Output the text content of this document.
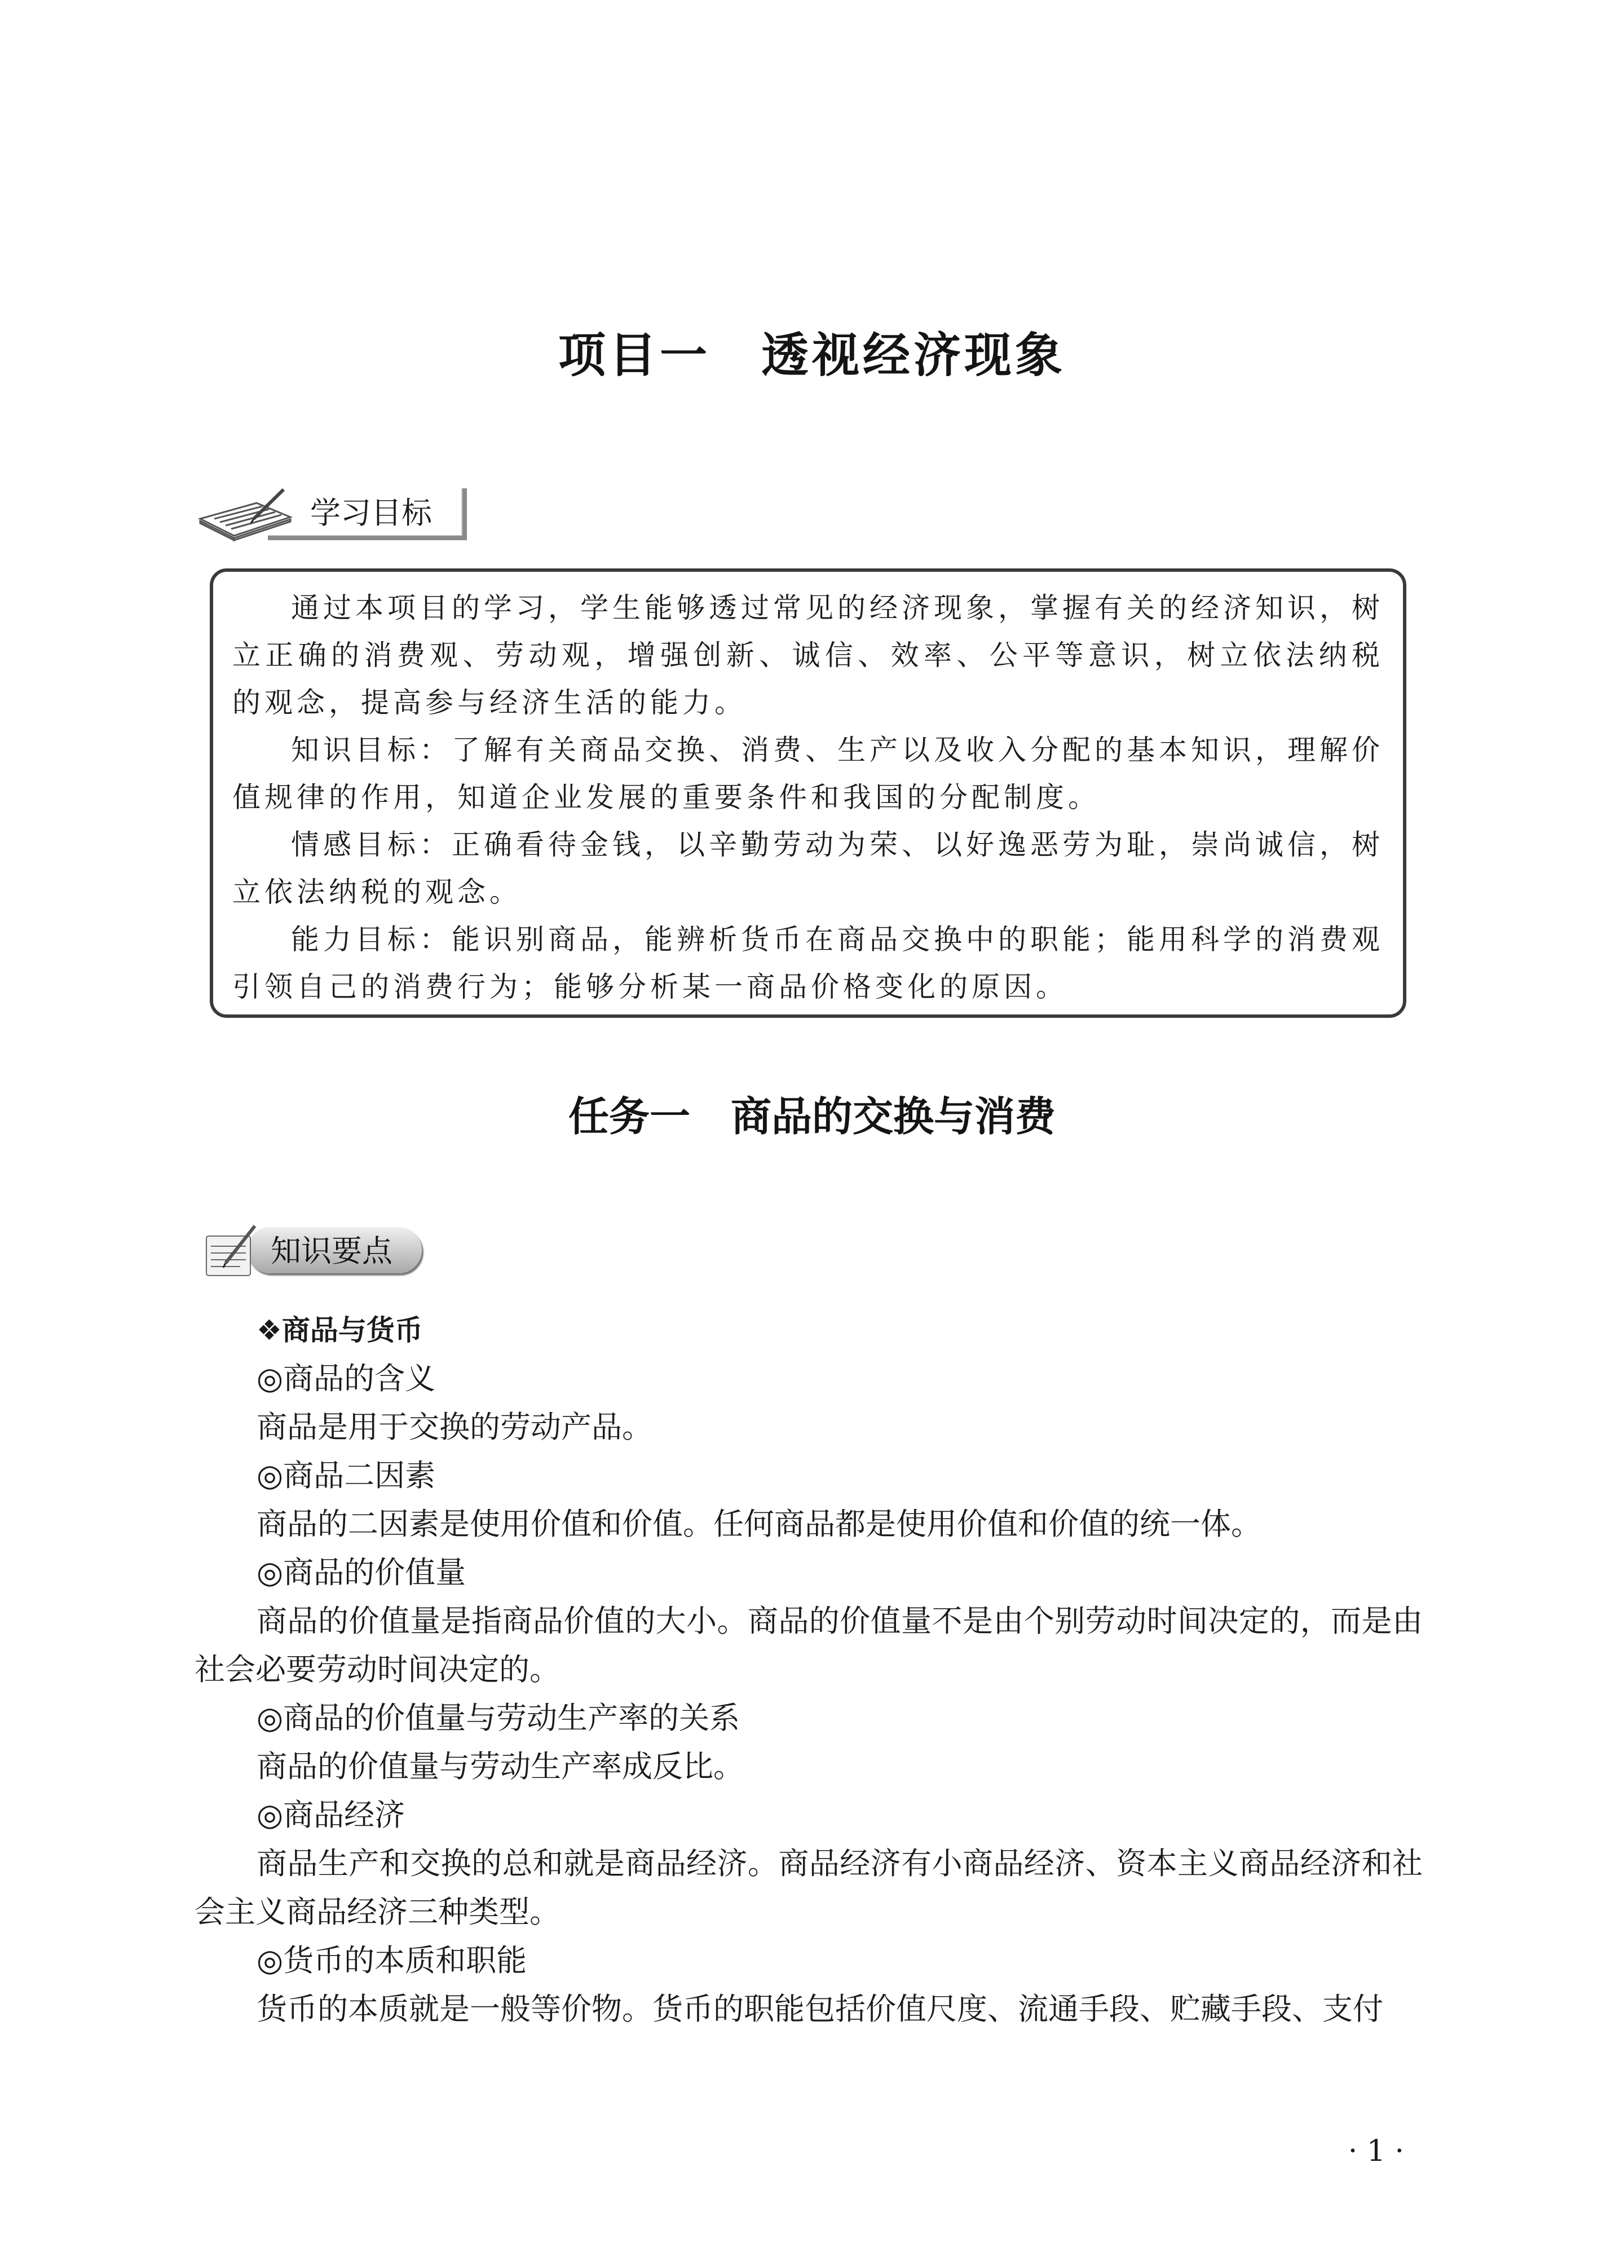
项目一　透视经济现象
学习目标

通过本项目的学习，学生能够透过常见的经济现象，掌握有关的经济知识，树立正确的消费观、劳动观，增强创新、诚信、效率、公平等意识，树立依法纳税的观念，提高参与经济生活的能力。

知识目标：了解有关商品交换、消费、生产以及收入分配的基本知识，理解价值规律的作用，知道企业发展的重要条件和我国的分配制度。

情感目标：正确看待金钱，以辛勤劳动为荣、以好逸恶劳为耻，崇尚诚信，树立依法纳税的观念。

能力目标：能识别商品，能辨析货币在商品交换中的职能；能用科学的消费观引领自己的消费行为；能够分析某一商品价格变化的原因。

任务一　商品的交换与消费
知识要点

❖商品与货币

◎商品的含义

商品是用于交换的劳动产品。

◎商品二因素

商品的二因素是使用价值和价值。任何商品都是使用价值和价值的统一体。

◎商品的价值量

商品的价值量是指商品价值的大小。商品的价值量不是由个别劳动时间决定的，而是由社会必要劳动时间决定的。

◎商品的价值量与劳动生产率的关系

商品的价值量与劳动生产率成反比。

◎商品经济

商品生产和交换的总和就是商品经济。商品经济有小商品经济、资本主义商品经济和社会主义商品经济三种类型。

◎货币的本质和职能

货币的本质就是一般等价物。货币的职能包括价值尺度、流通手段、贮藏手段、支付

· 1 ·
